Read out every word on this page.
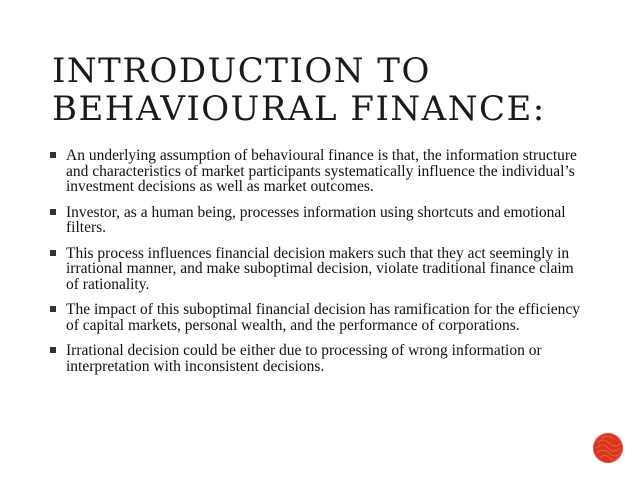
INTRODUCTION TO
BEHAVIOURAL FINANCE:
An underlying assumption of behavioural finance is that, the information structure and characteristics of market participants systematically influence the individual’s investment decisions as well as market outcomes.
Investor, as a human being, processes information using shortcuts and emotional filters.
This process influences financial decision makers such that they act seemingly in irrational manner, and make suboptimal decision, violate traditional finance claim of rationality.
The impact of this suboptimal financial decision has ramification for the efficiency of capital markets, personal wealth, and the performance of corporations.
Irrational decision could be either due to processing of wrong information or interpretation with inconsistent decisions.
